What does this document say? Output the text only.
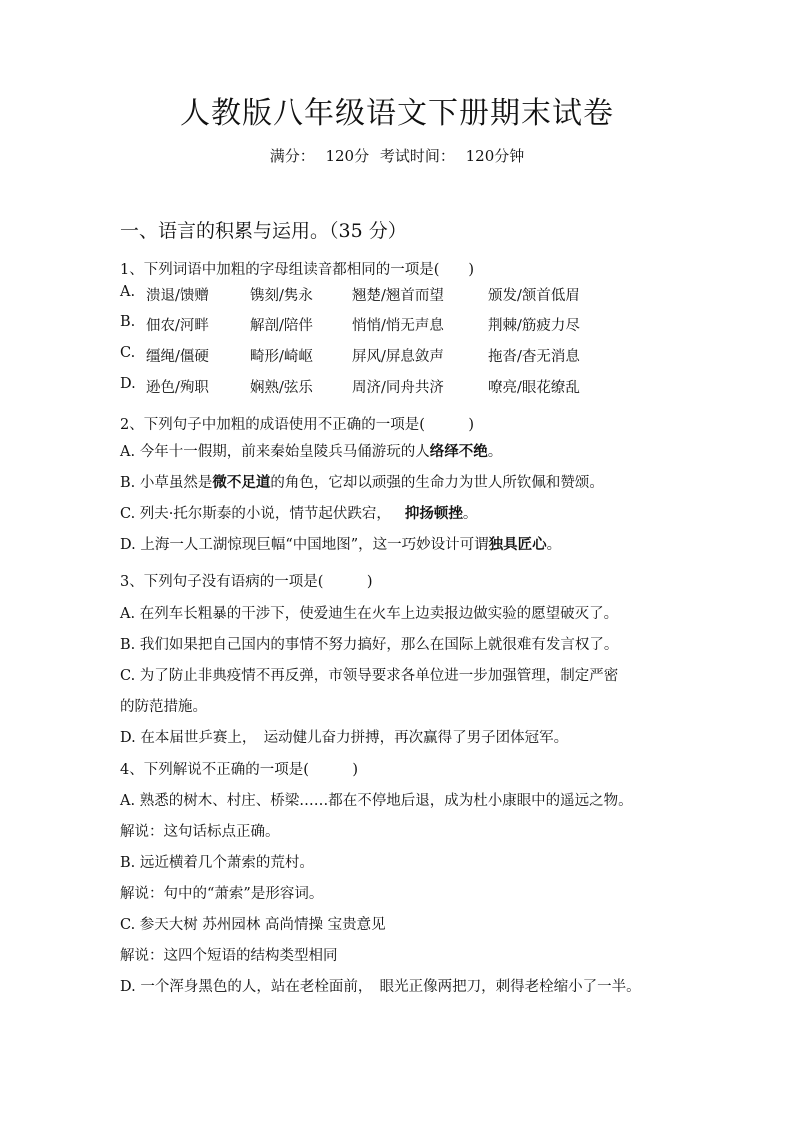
人教版八年级语文下册期末试卷
满分： 120分 考试时间： 120分钟
一、语言的积累与运用。（35 分）
1、下列词语中加粗的字母组读音都相同的一项是(　　)
A. 溃退/馈赠	镌刻/隽永	翘楚/翘首而望	颁发/颔首低眉
B. 佃农/河畔	解剖/陪伴	悄悄/悄无声息	荆棘/筋疲力尽
C. 缰绳/僵硬	畸形/崎岖	屏风/屏息敛声	拖沓/杳无消息
D. 逊色/殉职	娴熟/弦乐	周济/同舟共济	嘹亮/眼花缭乱
2、下列句子中加粗的成语使用不正确的一项是(　　　)
A. 今年十一假期，前来秦始皇陵兵马俑游玩的人络绎不绝。
B. 小草虽然是微不足道的角色，它却以顽强的生命力为世人所钦佩和赞颂。
C. 列夫·托尔斯泰的小说，情节起伏跌宕， 抑扬顿挫。
D. 上海一人工湖惊现巨幅“中国地图”，这一巧妙设计可谓独具匠心。
3、下列句子没有语病的一项是(　　　)
A. 在列车长粗暴的干涉下，使爱迪生在火车上边卖报边做实验的愿望破灭了。
B. 我们如果把自己国内的事情不努力搞好，那么在国际上就很难有发言权了。
C. 为了防止非典疫情不再反弹，市领导要求各单位进一步加强管理，制定严密
的防范措施。
D. 在本届世乒赛上，　运动健儿奋力拼搏，再次赢得了男子团体冠军。
4、下列解说不正确的一项是(　　　)
A. 熟悉的树木、村庄、桥梁……都在不停地后退，成为杜小康眼中的遥远之物。
解说：这句话标点正确。
B. 远近横着几个萧索的荒村。
解说：句中的“萧索”是形容词。
C. 参天大树 苏州园林 高尚情操 宝贵意见
解说：这四个短语的结构类型相同
D. 一个浑身黑色的人，站在老栓面前，　眼光正像两把刀，刺得老栓缩小了一半。
